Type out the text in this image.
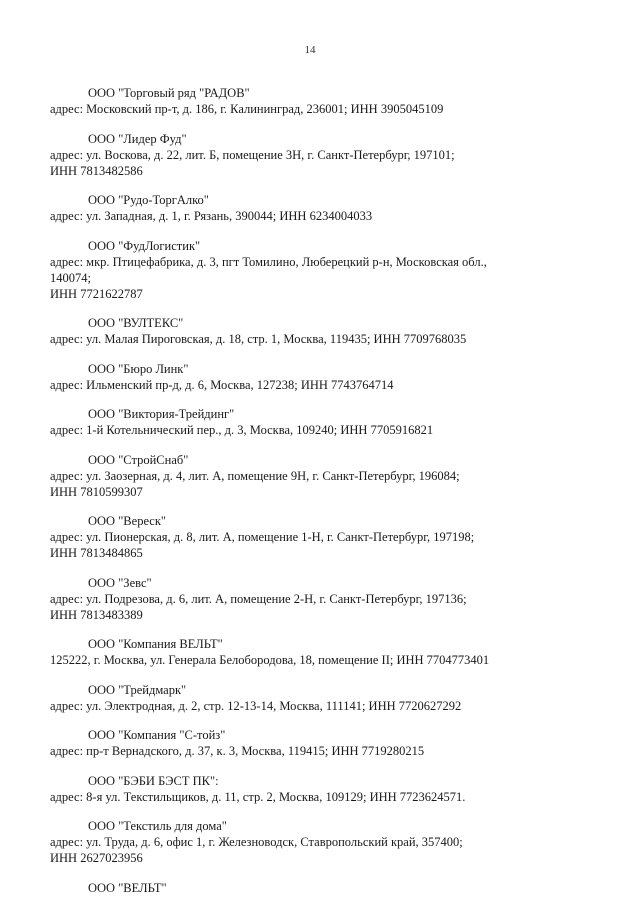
14
ООО "Торговый ряд "РАДОВ"
адрес: Московский пр-т, д. 186, г. Калининград, 236001; ИНН 3905045109
ООО "Лидер Фуд"
адрес: ул. Воскова, д. 22, лит. Б, помещение 3Н, г. Санкт-Петербург, 197101;
ИНН 7813482586
ООО "Рудо-ТоргАлко"
адрес: ул. Западная, д. 1, г. Рязань, 390044; ИНН 6234004033
ООО "ФудЛогистик"
адрес: мкр. Птицефабрика, д. 3, пгт Томилино, Люберецкий р-н, Московская обл.,
140074;
ИНН 7721622787
ООО "ВУЛТЕКС"
адрес: ул. Малая Пироговская, д. 18, стр. 1, Москва, 119435; ИНН 7709768035
ООО "Бюро Линк"
адрес: Ильменский пр-д, д. 6, Москва, 127238; ИНН 7743764714
ООО "Виктория-Трейдинг"
адрес: 1-й Котельнический пер., д. 3, Москва, 109240; ИНН 7705916821
ООО "СтройСнаб"
адрес: ул. Заозерная, д. 4, лит. А, помещение 9Н, г. Санкт-Петербург, 196084;
ИНН 7810599307
ООО "Вереск"
адрес: ул. Пионерская, д. 8, лит. А, помещение 1-Н, г. Санкт-Петербург, 197198;
ИНН 7813484865
ООО "Зевс"
адрес: ул. Подрезова, д. 6, лит. А, помещение 2-Н, г. Санкт-Петербург, 197136;
ИНН 7813483389
ООО "Компания ВЕЛЬТ"
125222, г. Москва, ул. Генерала Белобородова, 18, помещение II; ИНН 7704773401
ООО "Трейдмарк"
адрес: ул. Электродная, д. 2, стр. 12-13-14, Москва, 111141; ИНН 7720627292
ООО "Компания "С-тойз"
адрес: пр-т Вернадского, д. 37, к. 3, Москва, 119415; ИНН 7719280215
ООО "БЭБИ БЭСТ ПК":
адрес: 8-я ул. Текстильщиков, д. 11, стр. 2, Москва, 109129; ИНН 7723624571.
ООО "Текстиль для дома"
адрес: ул. Труда, д. 6, офис 1, г. Железноводск, Ставропольский край, 357400;
ИНН 2627023956
ООО "ВЕЛЬТ"
